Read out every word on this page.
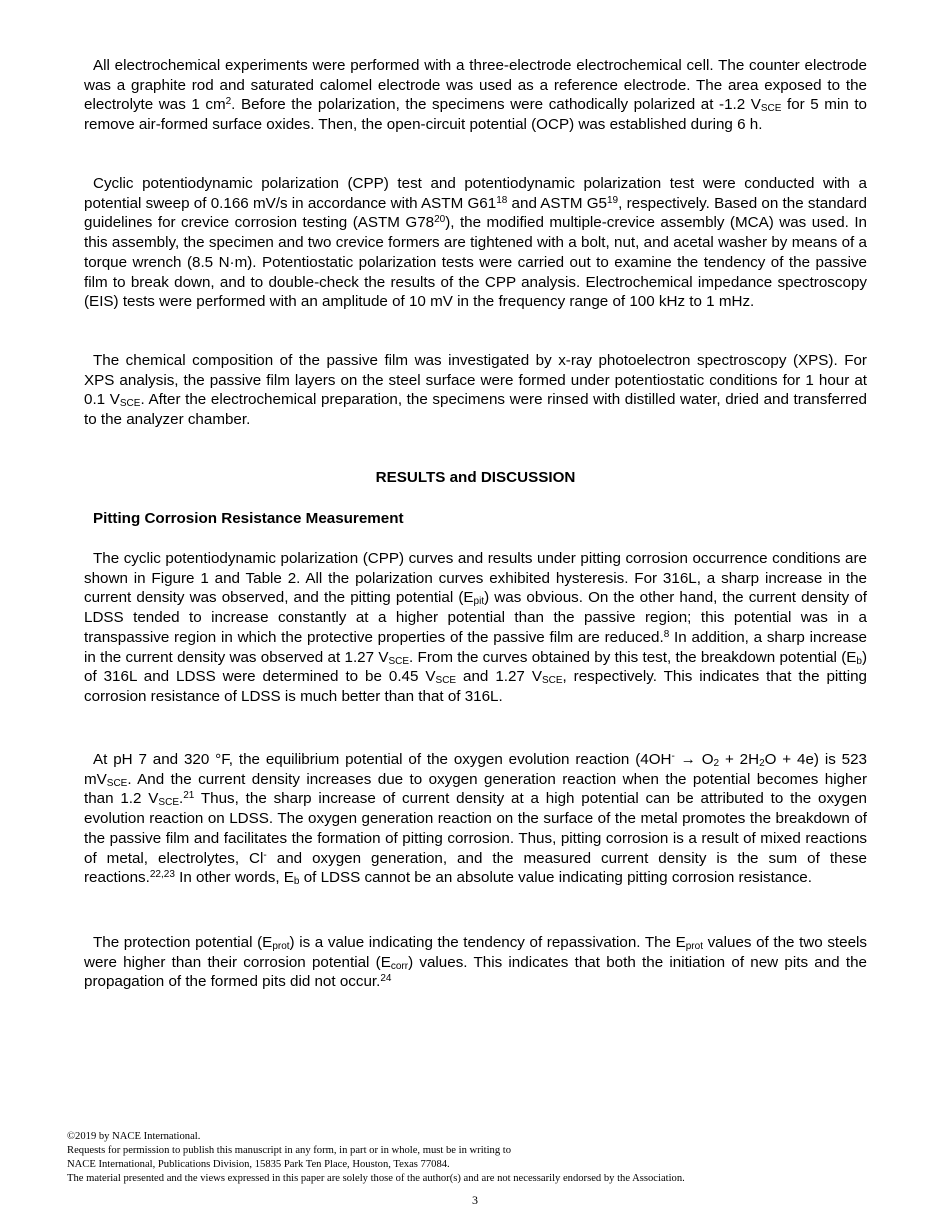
All electrochemical experiments were performed with a three-electrode electrochemical cell. The counter electrode was a graphite rod and saturated calomel electrode was used as a reference electrode. The area exposed to the electrolyte was 1 $cm^2$. Before the polarization, the specimens were cathodically polarized at -1.2 $V_{SCE}$ for 5 min to remove air-formed surface oxides. Then, the open-circuit potential (OCP) was established during 6 h.

Cyclic potentiodynamic polarization (CPP) test and potentiodynamic polarization test were conducted with a potential sweep of 0.166 mV/s in accordance with ASTM $G61^{18}$ and ASTM $G5^{19}$, respectively. Based on the standard guidelines for crevice corrosion testing (ASTM $G78^{20}$), the modified multiple-crevice assembly (MCA) was used. In this assembly, the specimen and two crevice formers are tightened with a bolt, nut, and acetal washer by means of a torque wrench (8.5 N·m). Potentiostatic polarization tests were carried out to examine the tendency of the passive film to break down, and to double-check the results of the CPP analysis. Electrochemical impedance spectroscopy (EIS) tests were performed with an amplitude of 10 mV in the frequency range of 100 kHz to 1 mHz.

The chemical composition of the passive film was investigated by x-ray photoelectron spectroscopy (XPS). For XPS analysis, the passive film layers on the steel surface were formed under potentiostatic conditions for 1 hour at 0.1 $V_{SCE}$. After the electrochemical preparation, the specimens were rinsed with distilled water, dried and transferred to the analyzer chamber.

RESULTS and DISCUSSION

Pitting Corrosion Resistance Measurement

The cyclic potentiodynamic polarization (CPP) curves and results under pitting corrosion occurrence conditions are shown in Figure 1 and Table 2. All the polarization curves exhibited hysteresis. For 316L, a sharp increase in the current density was observed, and the pitting potential $(E_{pit})$ was obvious. On the other hand, the current density of LDSS tended to increase constantly at a higher potential than the passive region; this potential was in a transpassive region in which the protective properties of the passive film are reduced.$^8$ In addition, a sharp increase in the current density was observed at 1.27 $V_{SCE}$. From the curves obtained by this test, the breakdown potential $(E_b)$ of 316L and LDSS were determined to be 0.45 $V_{SCE}$ and 1.27 $V_{SCE}$, respectively. This indicates that the pitting corrosion resistance of LDSS is much better than that of 316L.

At pH 7 and 320 °F, the equilibrium potential of the oxygen evolution reaction $(4OH^- \to O_2 + 2H_2O + 4e)$ is 523 $mV_{SCE}$. And the current density increases due to oxygen generation reaction when the potential becomes higher than 1.2 $V_{SCE}.^{21}$ Thus, the sharp increase of current density at a high potential can be attributed to the oxygen evolution reaction on LDSS. The oxygen generation reaction on the surface of the metal promotes the breakdown of the passive film and facilitates the formation of pitting corrosion. Thus, pitting corrosion is a result of mixed reactions of metal, electrolytes, Cl- and oxygen generation, and the measured current density is the sum of these reactions.$^{22,23}$ In other words, $E_b$ of LDSS cannot be an absolute value indicating pitting corrosion resistance.

The protection potential $(E_{prot})$ is a value indicating the tendency of repassivation. The $E_{prot}$ values of the two steels were higher than their corrosion potential $(E_{corr})$ values. This indicates that both the initiation of new pits and the propagation of the formed pits did not occur.$^{24}$

©2019 by NACE International.
Requests for permission to publish this manuscript in any form, in part or in whole, must be in writing to
NACE International, Publications Division, 15835 Park Ten Place, Houston, Texas 77084.
The material presented and the views expressed in this paper are solely those of the author(s) and are not necessarily endorsed by the Association.
3
